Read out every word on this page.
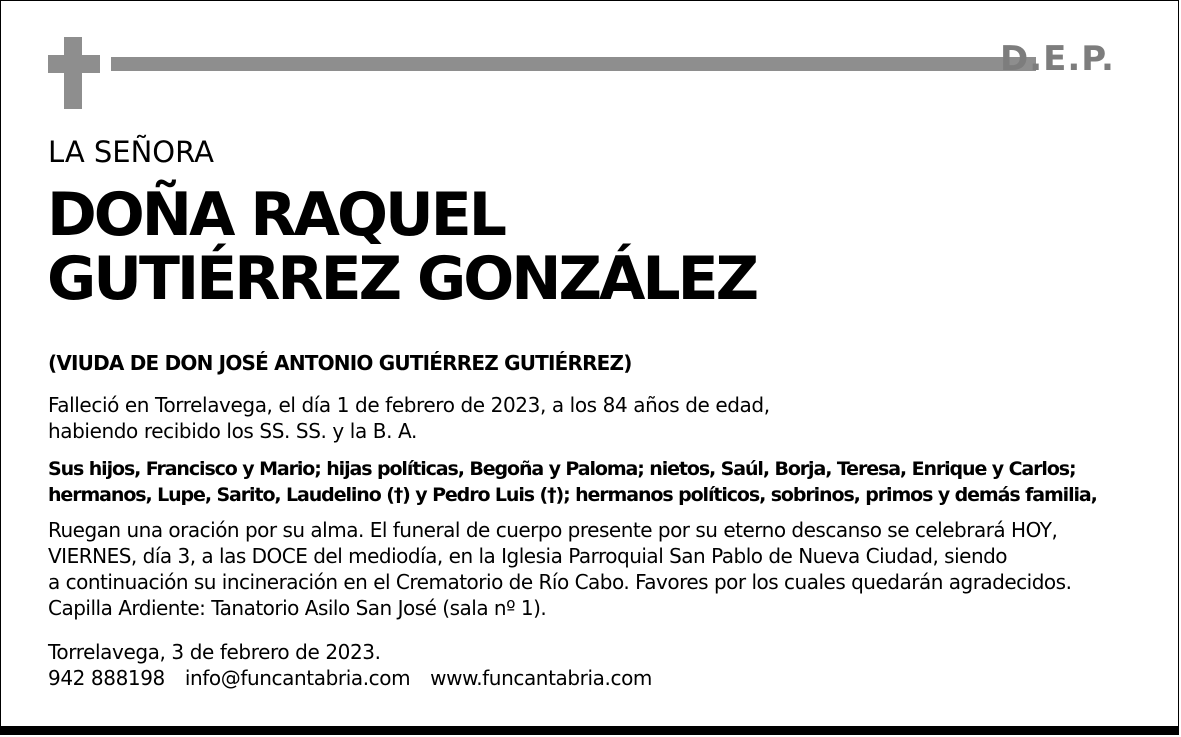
D.E.P.
LA SEÑORA
DOÑA RAQUEL
GUTIÉRREZ GONZÁLEZ
(VIUDA DE DON JOSÉ ANTONIO GUTIÉRREZ GUTIÉRREZ)
Falleció en Torrelavega, el día 1 de febrero de 2023, a los 84 años de edad,
habiendo recibido los SS. SS. y la B. A.
Sus hijos, Francisco y Mario; hijas políticas, Begoña y Paloma; nietos, Saúl, Borja, Teresa, Enrique y Carlos;
hermanos, Lupe, Sarito, Laudelino (†) y Pedro Luis (†); hermanos políticos, sobrinos, primos y demás familia,
Ruegan una oración por su alma. El funeral de cuerpo presente por su eterno descanso se celebrará HOY,
VIERNES, día 3, a las DOCE del mediodía, en la Iglesia Parroquial San Pablo de Nueva Ciudad, siendo
a continuación su incineración en el Crematorio de Río Cabo. Favores por los cuales quedarán agradecidos.
Capilla Ardiente: Tanatorio Asilo San José (sala nº 1).
Torrelavega, 3 de febrero de 2023.
942 888198 info@funcantabria.com www.funcantabria.com
